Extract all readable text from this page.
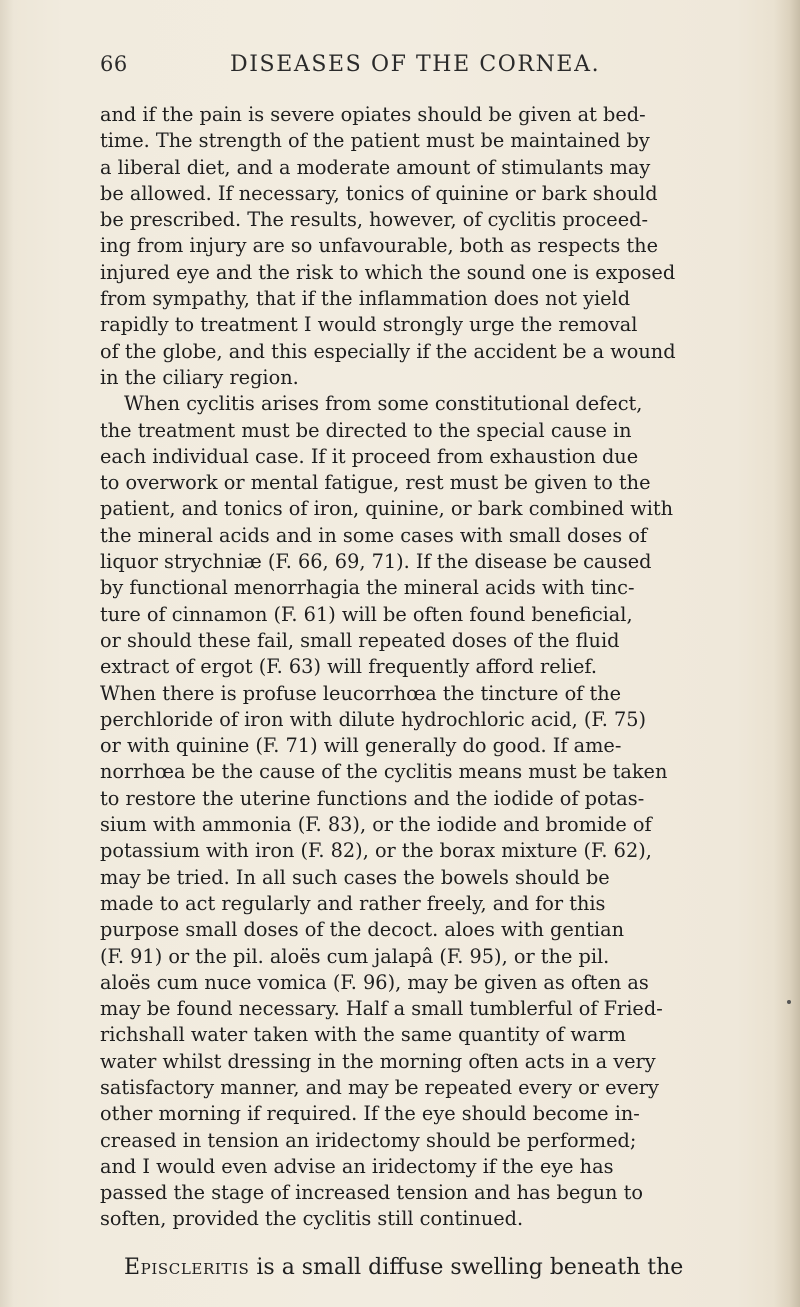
66	DISEASES OF THE CORNEA.
and if the pain is severe opiates should be given at bed-
time. The strength of the patient must be maintained by
a liberal diet, and a moderate amount of stimulants may
be allowed. If necessary, tonics of quinine or bark should
be prescribed. The results, however, of cyclitis proceed-
ing from injury are so unfavourable, both as respects the
injured eye and the risk to which the sound one is exposed
from sympathy, that if the inflammation does not yield
rapidly to treatment I would strongly urge the removal
of the globe, and this especially if the accident be a wound
in the ciliary region.
When cyclitis arises from some constitutional defect,
the treatment must be directed to the special cause in
each individual case. If it proceed from exhaustion due
to overwork or mental fatigue, rest must be given to the
patient, and tonics of iron, quinine, or bark combined with
the mineral acids and in some cases with small doses of
liquor strychniæ (F. 66, 69, 71). If the disease be caused
by functional menorrhagia the mineral acids with tinc-
ture of cinnamon (F. 61) will be often found beneficial,
or should these fail, small repeated doses of the fluid
extract of ergot (F. 63) will frequently afford relief.
When there is profuse leucorrhœa the tincture of the
perchloride of iron with dilute hydrochloric acid, (F. 75)
or with quinine (F. 71) will generally do good. If ame-
norrhœa be the cause of the cyclitis means must be taken
to restore the uterine functions and the iodide of potas-
sium with ammonia (F. 83), or the iodide and bromide of
potassium with iron (F. 82), or the borax mixture (F. 62),
may be tried. In all such cases the bowels should be
made to act regularly and rather freely, and for this
purpose small doses of the decoct. aloes with gentian
(F. 91) or the pil. aloës cum jalapâ (F. 95), or the pil.
aloës cum nuce vomica (F. 96), may be given as often as
may be found necessary. Half a small tumblerful of Fried-
richshall water taken with the same quantity of warm
water whilst dressing in the morning often acts in a very
satisfactory manner, and may be repeated every or every
other morning if required. If the eye should become in-
creased in tension an iridectomy should be performed;
and I would even advise an iridectomy if the eye has
passed the stage of increased tension and has begun to
soften, provided the cyclitis still continued.
Episcleritis is a small diffuse swelling beneath the
